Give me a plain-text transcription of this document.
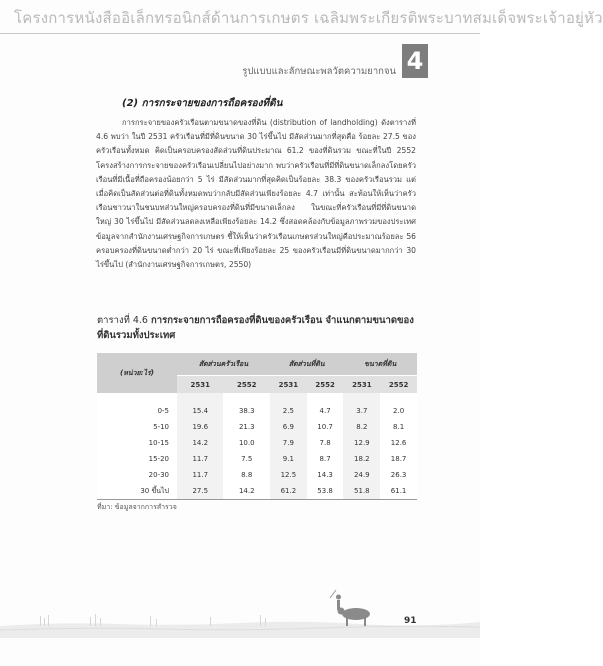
โครงการหนังสืออิเล็กทรอนิกส์ด้านการเกษตร เฉลิมพระเกียรติพระบาทสมเด็จพระเจ้าอยู่หัว
รูปแบบและลักษณะพลวัตความยากจน 4
(2) การกระจายของการถือครองที่ดิน

การกระจายของครัวเรือนตามขนาดของที่ดิน (distribution of landholding) ดังตารางที่ 4.6 พบว่า ในปี 2531 ครัวเรือนที่มีที่ดินขนาด 30 ไร่ขึ้นไป มีสัดส่วนมากที่สุดคือ ร้อยละ 27.5 ของครัวเรือนทั้งหมด คิดเป็นครอบครองสัดส่วนที่ดินประมาณ 61.2 ของที่ดินรวม ขณะที่ในปี 2552 โครงสร้างการกระจายของครัวเรือนเปลี่ยนไปอย่างมาก พบว่าครัวเรือนที่มีที่ดินขนาดเล็กลงโดยครัวเรือนที่มีเนื้อที่ถือครองน้อยกว่า 5 ไร่ มีสัดส่วนมากที่สุดคิดเป็นร้อยละ 38.3 ของครัวเรือนรวม แต่เมื่อคิดเป็นสัดส่วนต่อที่ดินทั้งหมดพบว่ากลับมีสัดส่วนเพียงร้อยละ 4.7 เท่านั้น สะท้อนให้เห็นว่าครัวเรือนชาวนาในชนบทส่วนใหญ่ครอบครองที่ดินที่มีขนาดเล็กลง ในขณะที่ครัวเรือนที่มีที่ดินขนาดใหญ่ 30 ไร่ขึ้นไป มีสัดส่วนลดลงเหลือเพียงร้อยละ 14.2 ซึ่งสอดคล้องกับข้อมูลภาพรวมของประเทศ ข้อมูลจากสำนักงานเศรษฐกิจการเกษตร ชี้ให้เห็นว่าครัวเรือนเกษตรส่วนใหญ่คือประมาณร้อยละ 56 ครอบครองที่ดินขนาดต่ำกว่า 20 ไร่ ขณะที่เพียงร้อยละ 25 ของครัวเรือนมีที่ดินขนาดมากกว่า 30 ไร่ขึ้นไป (สำนักงานเศรษฐกิจการเกษตร, 2550)

ตารางที่ 4.6 การกระจายการถือครองที่ดินของครัวเรือน จำแนกตามขนาดของที่ดินรวมทั้งประเทศ
(หน่วย:ไร่)	สัดส่วนครัวเรือน		สัดส่วนที่ดิน		ขนาดที่ดิน	
	2531	2552	2531	2552	2531	2552

0-5	15.4	38.3	2.5	4.7	3.7	2.0
5-10	19.6	21.3	6.9	10.7	8.2	8.1
10-15	14.2	10.0	7.9	7.8	12.9	12.6
15-20	11.7	7.5	9.1	8.7	18.2	18.7
20-30	11.7	8.8	12.5	14.3	24.9	26.3
30 ขึ้นไป	27.5	14.2	61.2	53.8	51.8	61.1
ที่มา: ข้อมูลจากการสำรวจ
91
